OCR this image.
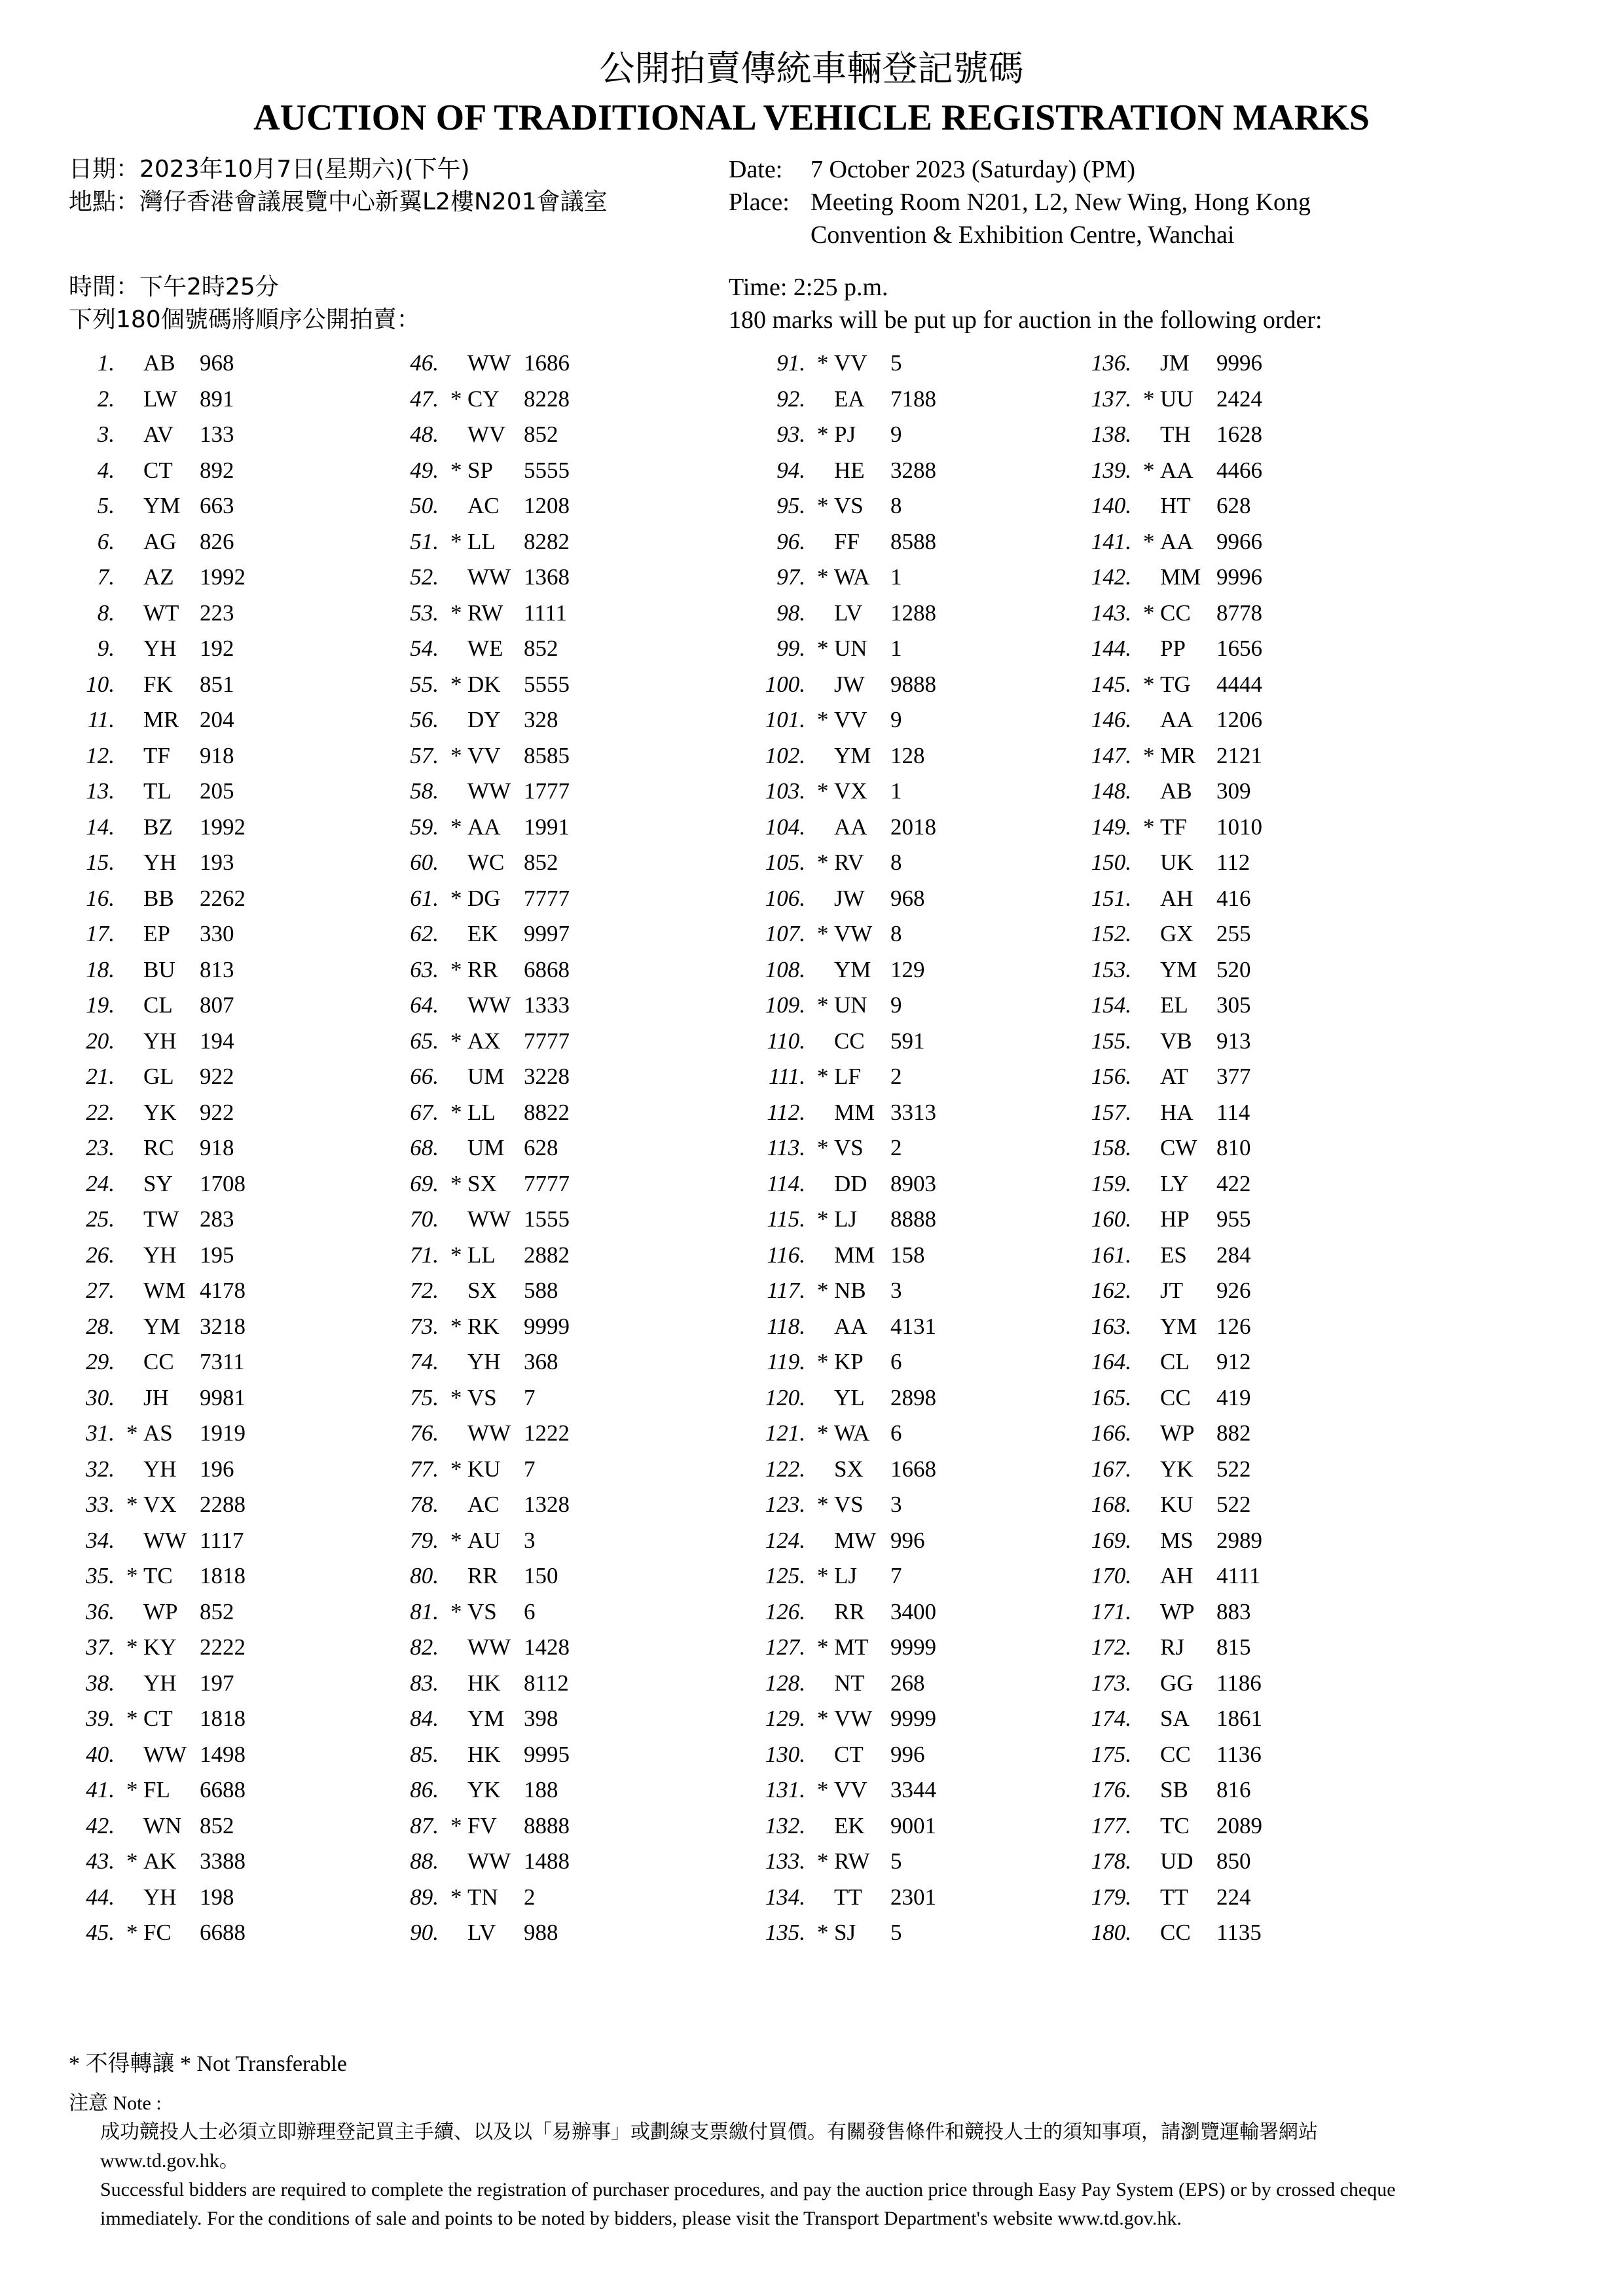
公開拍賣傳統車輛登記號碼
AUCTION OF TRADITIONAL VEHICLE REGISTRATION MARKS
日期：2023年10月7日(星期六)(下午)
地點：灣仔香港會議展覽中心新翼L2樓N201會議室
Date: 7 October 2023 (Saturday) (PM)
Place: Meeting Room N201, L2, New Wing, Hong Kong
Convention & Exhibition Centre, Wanchai
時間：下午2時25分
下列180個號碼將順序公開拍賣：
Time: 2:25 p.m.
180 marks will be put up for auction in the following order:
1. AB 968
2. LW 891
3. AV 133
4. CT 892
5. YM 663
6. AG 826
7. AZ 1992
8. WT 223
9. YH 192
10. FK 851
11. MR 204
12. TF 918
13. TL 205
14. BZ 1992
15. YH 193
16. BB 2262
17. EP 330
18. BU 813
19. CL 807
20. YH 194
21. GL 922
22. YK 922
23. RC 918
24. SY 1708
25. TW 283
26. YH 195
27. WM 4178
28. YM 3218
29. CC 7311
30. JH 9981
31. * AS 1919
32. YH 196
33. * VX 2288
34. WW 1117
35. * TC 1818
36. WP 852
37. * KY 2222
38. YH 197
39. * CT 1818
40. WW 1498
41. * FL 6688
42. WN 852
43. * AK 3388
44. YH 198
45. * FC 6688
46. WW 1686
47. * CY 8228
48. WV 852
49. * SP 5555
50. AC 1208
51. * LL 8282
52. WW 1368
53. * RW 1111
54. WE 852
55. * DK 5555
56. DY 328
57. * VV 8585
58. WW 1777
59. * AA 1991
60. WC 852
61. * DG 7777
62. EK 9997
63. * RR 6868
64. WW 1333
65. * AX 7777
66. UM 3228
67. * LL 8822
68. UM 628
69. * SX 7777
70. WW 1555
71. * LL 2882
72. SX 588
73. * RK 9999
74. YH 368
75. * VS 7
76. WW 1222
77. * KU 7
78. AC 1328
79. * AU 3
80. RR 150
81. * VS 6
82. WW 1428
83. HK 8112
84. YM 398
85. HK 9995
86. YK 188
87. * FV 8888
88. WW 1488
89. * TN 2
90. LV 988
91. * VV 5
92. EA 7188
93. * PJ 9
94. HE 3288
95. * VS 8
96. FF 8588
97. * WA 1
98. LV 1288
99. * UN 1
100. JW 9888
101. * VV 9
102. YM 128
103. * VX 1
104. AA 2018
105. * RV 8
106. JW 968
107. * VW 8
108. YM 129
109. * UN 9
110. CC 591
111. * LF 2
112. MM 3313
113. * VS 2
114. DD 8903
115. * LJ 8888
116. MM 158
117. * NB 3
118. AA 4131
119. * KP 6
120. YL 2898
121. * WA 6
122. SX 1668
123. * VS 3
124. MW 996
125. * LJ 7
126. RR 3400
127. * MT 9999
128. NT 268
129. * VW 9999
130. CT 996
131. * VV 3344
132. EK 9001
133. * RW 5
134. TT 2301
135. * SJ 5
136. JM 9996
137. * UU 2424
138. TH 1628
139. * AA 4466
140. HT 628
141. * AA 9966
142. MM 9996
143. * CC 8778
144. PP 1656
145. * TG 4444
146. AA 1206
147. * MR 2121
148. AB 309
149. * TF 1010
150. UK 112
151. AH 416
152. GX 255
153. YM 520
154. EL 305
155. VB 913
156. AT 377
157. HA 114
158. CW 810
159. LY 422
160. HP 955
161. ES 284
162. JT 926
163. YM 126
164. CL 912
165. CC 419
166. WP 882
167. YK 522
168. KU 522
169. MS 2989
170. AH 4111
171. WP 883
172. RJ 815
173. GG 1186
174. SA 1861
175. CC 1136
176. SB 816
177. TC 2089
178. UD 850
179. TT 224
180. CC 1135
* 不得轉讓 * Not Transferable
注意 Note :
成功競投人士必須立即辦理登記買主手續、以及以「易辦事」或劃線支票繳付買價。有關發售條件和競投人士的須知事項，請瀏覽運輸署網站
www.td.gov.hk。
Successful bidders are required to complete the registration of purchaser procedures, and pay the auction price through Easy Pay System (EPS) or by crossed cheque
immediately. For the conditions of sale and points to be noted by bidders, please visit the Transport Department's website www.td.gov.hk.
